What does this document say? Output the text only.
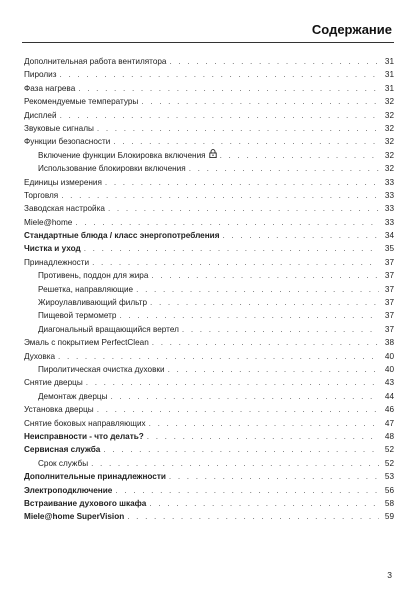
Содержание
Дополнительная работа вентилятора . . .	31
Пиролиз . . .	31
Фаза нагрева . . .	31
Рекомендуемые температуры . . .	32
Дисплей . . .	32
Звуковые сигналы . . .	32
Функции безопасности . . .	32
Включение функции Блокировка включения . . .	32
Использование блокировки включения . . .	32
Единицы измерения . . .	33
Торговля . . .	33
Заводская настройка . . .	33
Miele@home . . .	33
Стандартные блюда / класс энергопотребления . . .	34
Чистка и уход . . .	35
Принадлежности . . .	37
Противень, поддон для жира . . .	37
Решетка, направляющие . . .	37
Жироулавливающий фильтр . . .	37
Пищевой термометр . . .	37
Диагональный вращающийся вертел . . .	37
Эмаль с покрытием PerfectClean . . .	38
Духовка . . .	40
Пиролитическая очистка духовки . . .	40
Снятие дверцы . . .	43
Демонтаж дверцы . . .	44
Установка дверцы . . .	46
Снятие боковых направляющих . . .	47
Неисправности - что делать? . . .	48
Сервисная служба . . .	52
Срок службы . . .	52
Дополнительные принадлежности . . .	53
Электроподключение . . .	56
Встраивание духового шкафа . . .	58
Miele@home SuperVision . . .	59
3
